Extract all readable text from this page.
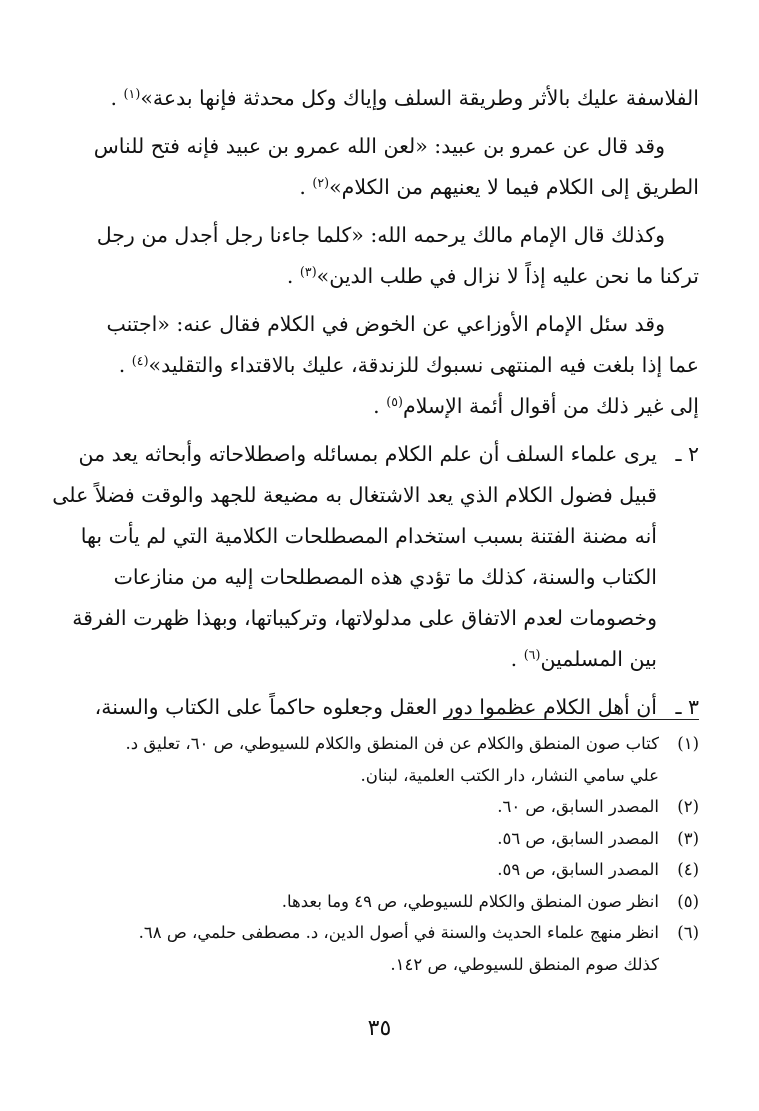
الفلاسفة عليك بالأثر وطريقة السلف وإياك وكل محدثة فإنها بدعة»$^{(١)}$ .
وقد قال عن عمرو بن عبيد: «لعن الله عمرو بن عبيد فإنه فتح للناس
الطريق إلى الكلام فيما لا يعنيهم من الكلام»$^{(٢)}$ .
وكذلك قال الإمام مالك يرحمه الله: «كلما جاءنا رجل أجدل من رجل
تركنا ما نحن عليه إذاً لا نزال في طلب الدين»$^{(٣)}$ .
وقد سئل الإمام الأوزاعي عن الخوض في الكلام فقال عنه: «اجتنب
عما إذا بلغت فيه المنتهى نسبوك للزندقة، عليك بالاقتداء والتقليد»$^{(٤)}$ .
إلى غير ذلك من أقوال أئمة الإسلام$^{(٥)}$ .
٢ ـ
يرى علماء السلف أن علم الكلام بمسائله واصطلاحاته وأبحاثه يعد من
قبيل فضول الكلام الذي يعد الاشتغال به مضيعة للجهد والوقت فضلاً على
أنه مضنة الفتنة بسبب استخدام المصطلحات الكلامية التي لم يأت بها
الكتاب والسنة، كذلك ما تؤدي هذه المصطلحات إليه من منازعات
وخصومات لعدم الاتفاق على مدلولاتها، وتركيباتها، وبهذا ظهرت الفرقة
بين المسلمين$^{(٦)}$ .
٣ ـ
أن أهل الكلام عظموا دور العقل وجعلوه حاكماً على الكتاب والسنة،
(١)
كتاب صون المنطق والكلام عن فن المنطق والكلام للسيوطي، ص ٦٠، تعليق د.
علي سامي النشار، دار الكتب العلمية، لبنان.
(٢)
المصدر السابق، ص ٦٠.
(٣)
المصدر السابق، ص ٥٦.
(٤)
المصدر السابق، ص ٥٩.
(٥)
انظر صون المنطق والكلام للسيوطي، ص ٤٩ وما بعدها.
(٦)
انظر منهج علماء الحديث والسنة في أصول الدين، د. مصطفى حلمي، ص ٦٨.
كذلك صوم المنطق للسيوطي، ص ١٤٢.
٣٥
